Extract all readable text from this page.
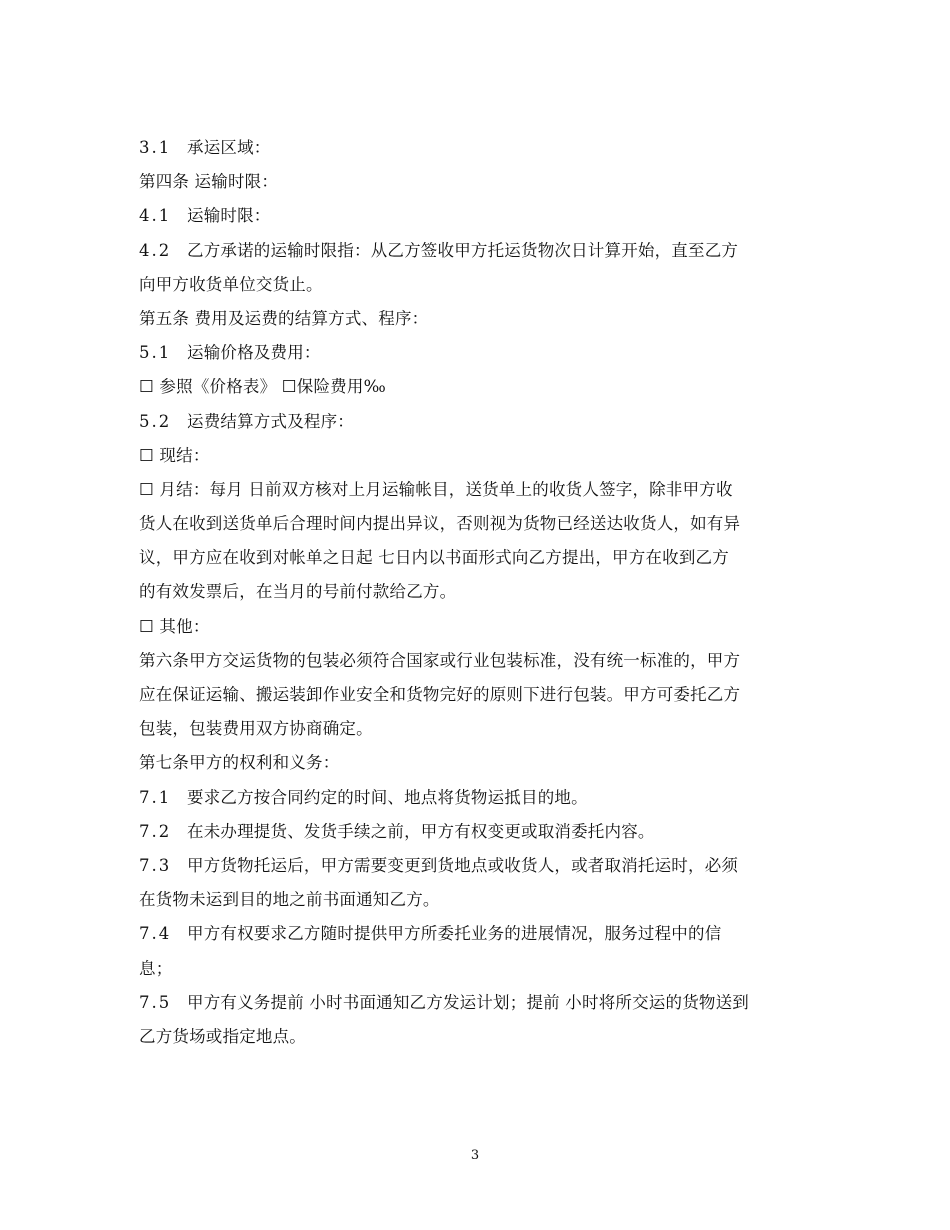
3.1 承运区域：
第四条 运输时限：
4.1 运输时限：
4.2 乙方承诺的运输时限指：从乙方签收甲方托运货物次日计算开始，直至乙方
向甲方收货单位交货止。
第五条 费用及运费的结算方式、程序：
5.1 运输价格及费用：
☐ 参照《价格表》 ☐保险费用‰
5.2 运费结算方式及程序：
☐ 现结：
☐ 月结：每月 日前双方核对上月运输帐目，送货单上的收货人签字，除非甲方收
货人在收到送货单后合理时间内提出异议，否则视为货物已经送达收货人，如有异
议，甲方应在收到对帐单之日起 七日内以书面形式向乙方提出，甲方在收到乙方
的有效发票后，在当月的号前付款给乙方。
☐ 其他：
第六条甲方交运货物的包装必须符合国家或行业包装标准，没有统一标准的，甲方
应在保证运输、搬运装卸作业安全和货物完好的原则下进行包装。甲方可委托乙方
包装，包装费用双方协商确定。
第七条甲方的权利和义务：
7.1 要求乙方按合同约定的时间、地点将货物运抵目的地。
7.2 在未办理提货、发货手续之前，甲方有权变更或取消委托内容。
7.3 甲方货物托运后，甲方需要变更到货地点或收货人，或者取消托运时，必须
在货物未运到目的地之前书面通知乙方。
7.4 甲方有权要求乙方随时提供甲方所委托业务的进展情况，服务过程中的信
息；
7.5 甲方有义务提前 小时书面通知乙方发运计划；提前 小时将所交运的货物送到
乙方货场或指定地点。
3
